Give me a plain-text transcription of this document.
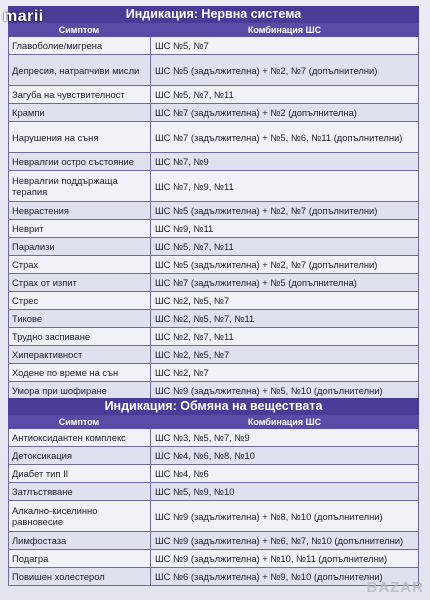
Индикация: Нервна система
Симптом	Комбинация ШС
Главоболие/мигрена	ШС №5, №7
Депресия, натрапчиви мисли	ШС №5 (задължителна) + №2, №7 (допълнителни)
Загуба на чувствителност	ШС №5, №7, №11
Крампи	ШС №7 (задължителна) + №2 (допълнителна)
Нарушения на съня	ШС №7 (задължителна) + №5, №6, №11 (допълнителни)
Невралгии остро състояние	ШС №7, №9
Невралгии поддържаща терапия	ШС №7, №9, №11
Неврастения	ШС №5 (задължителна) + №2, №7 (допълнителни)
Неврит	ШС №9, №11
Парализи	ШС №5, №7, №11
Страх	ШС №5 (задължителна) + №2, №7 (допълнителни)
Страх от изпит	ШС №7 (задължителна) + №5 (допълнителна)
Стрес	ШС №2, №5, №7
Тикове	ШС №2, №5, №7, №11
Трудно заспиване	ШС №2, №7, №11
Хиперактивност	ШС №2, №5, №7
Ходене по време на сън	ШС №2, №7
Умора при шофиране	ШС №9 (задължителна) + №5, №10 (допълнителни)
Индикация: Обмяна на веществата
Симптом	Комбинация ШС
Антиоксидантен комплекс	ШС №3, №5, №7, №9
Детоксикация	ШС №4, №6, №8, №10
Диабет тип II	ШС №4, №6
Затлъстяване	ШС №5, №9, №10
Алкално-киселинно равновесие	ШС №9 (задължителна) + №8, №10 (допълнителни)
Лимфостаза	ШС №9 (задължителна) + №6, №7, №10 (допълнителни)
Подагра	ШС №9 (задължителна) + №10, №11 (допълнителни)
Повишен холестерол	ШС №6 (задължителна) + №9, №10 (допълнителни)
marii
BAZAR
